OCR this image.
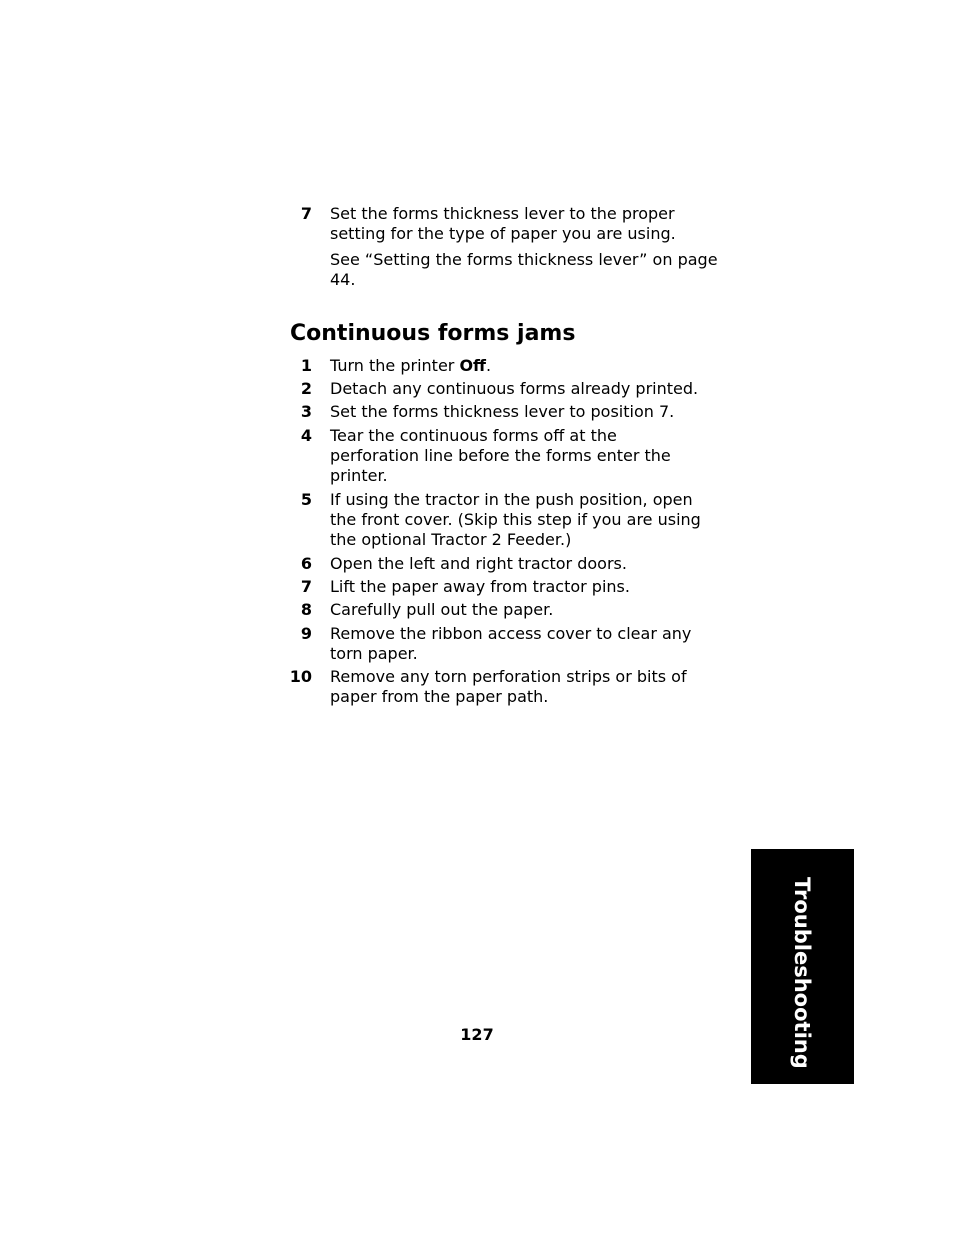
7 Set the forms thickness lever to the proper setting for the type of paper you are using.

See “Setting the forms thickness lever” on page 44.

Continuous forms jams
1 Turn the printer Off.
2 Detach any continuous forms already printed.
3 Set the forms thickness lever to position 7.
4 Tear the continuous forms off at the perforation line before the forms enter the printer.
5 If using the tractor in the push position, open the front cover. (Skip this step if you are using the optional Tractor 2 Feeder.)
6 Open the left and right tractor doors.
7 Lift the paper away from tractor pins.
8 Carefully pull out the paper.
9 Remove the ribbon access cover to clear any torn paper.
10 Remove any torn perforation strips or bits of paper from the paper path.
127	Troubleshooting
